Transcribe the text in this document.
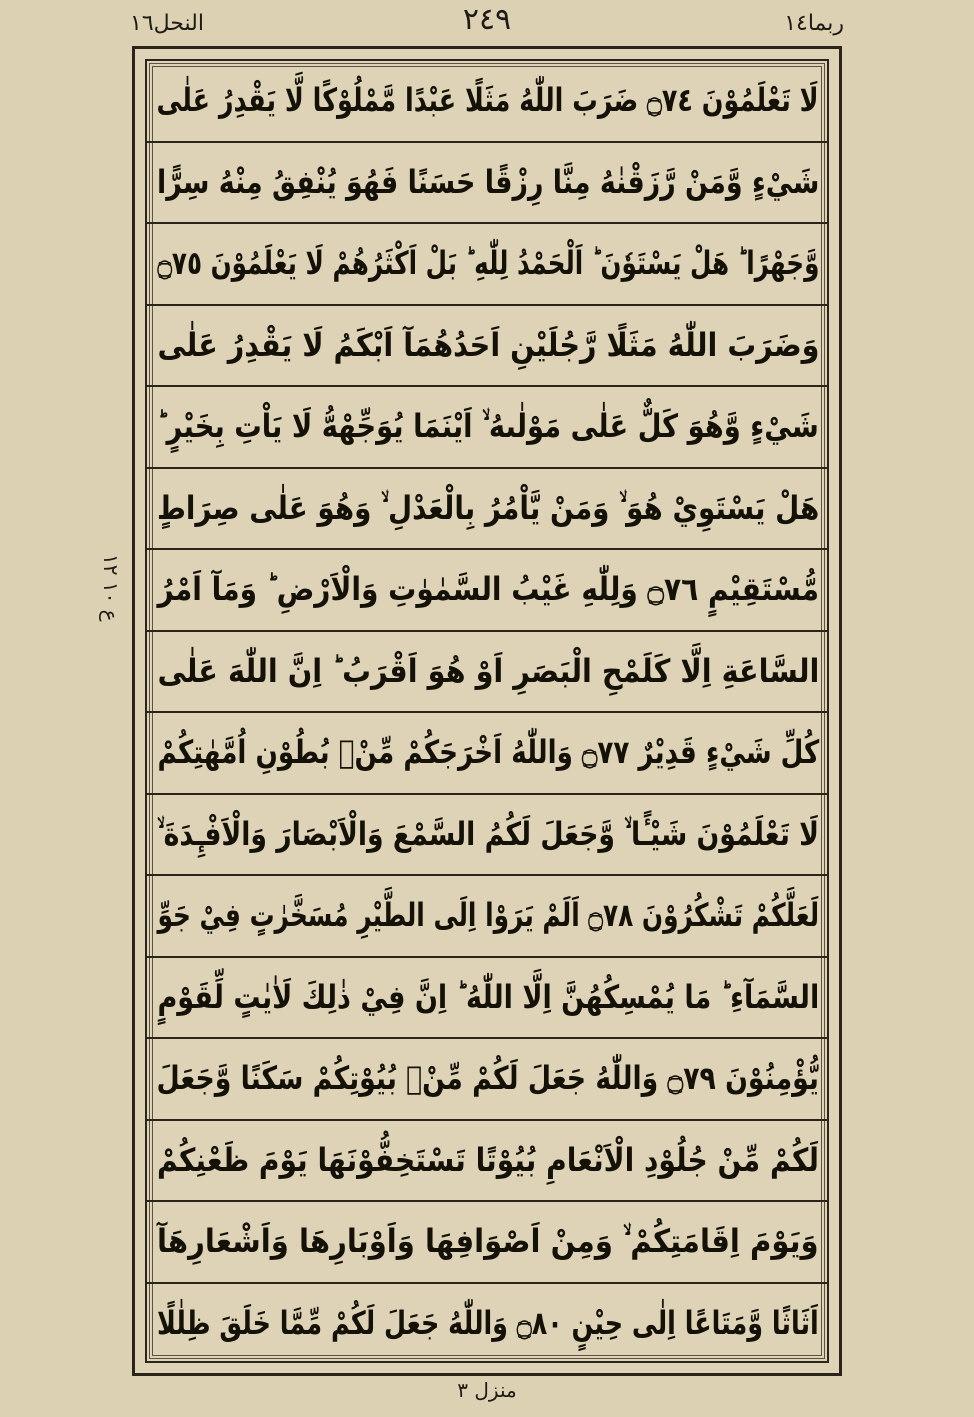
النحل١٦	٢٤٩	ربما١٤
ع ١٠ ١٢
لَا تَعْلَمُوْنَ ۝٧٤ ضَرَبَ اللّٰهُ مَثَلًا عَبْدًا مَّمْلُوْكًا لَّا يَقْدِرُ عَلٰى
شَيْءٍ وَّمَنْ رَّزَقْنٰهُ مِنَّا رِزْقًا حَسَنًا فَهُوَ يُنْفِقُ مِنْهُ سِرًّا
وَّجَهْرًا ؕ هَلْ يَسْتَوٗنَ ؕ اَلْحَمْدُ لِلّٰهِ ؕ بَلْ اَكْثَرُهُمْ لَا يَعْلَمُوْنَ ۝٧٥
وَضَرَبَ اللّٰهُ مَثَلًا رَّجُلَيْنِ اَحَدُهُمَآ اَبْكَمُ لَا يَقْدِرُ عَلٰى
شَيْءٍ وَّهُوَ كَلٌّ عَلٰى مَوْلٰىهُ ۙ اَيْنَمَا يُوَجِّهْهُّ لَا يَاْتِ بِخَيْرٍ ؕ
هَلْ يَسْتَوِيْ هُوَ ۙ وَمَنْ يَّاْمُرُ بِالْعَدْلِ ۙ وَهُوَ عَلٰى صِرَاطٍ
مُّسْتَقِيْمٍ ۝٧٦ وَلِلّٰهِ غَيْبُ السَّمٰوٰتِ وَالْاَرْضِ ؕ وَمَآ اَمْرُ
السَّاعَةِ اِلَّا كَلَمْحِ الْبَصَرِ اَوْ هُوَ اَقْرَبُ ؕ اِنَّ اللّٰهَ عَلٰى
كُلِّ شَيْءٍ قَدِيْرٌ ۝٧٧ وَاللّٰهُ اَخْرَجَكُمْ مِّنْۢ بُطُوْنِ اُمَّهٰتِكُمْ
لَا تَعْلَمُوْنَ شَيْـًٔا ۙ وَّجَعَلَ لَكُمُ السَّمْعَ وَالْاَبْصَارَ وَالْاَفْـِٕدَةَ ۙ
لَعَلَّكُمْ تَشْكُرُوْنَ ۝٧٨ اَلَمْ يَرَوْا اِلَى الطَّيْرِ مُسَخَّرٰتٍ فِيْ جَوِّ
السَّمَآءِ ؕ مَا يُمْسِكُهُنَّ اِلَّا اللّٰهُ ؕ اِنَّ فِيْ ذٰلِكَ لَاٰيٰتٍ لِّقَوْمٍ
يُّؤْمِنُوْنَ ۝٧٩ وَاللّٰهُ جَعَلَ لَكُمْ مِّنْۢ بُيُوْتِكُمْ سَكَنًا وَّجَعَلَ
لَكُمْ مِّنْ جُلُوْدِ الْاَنْعَامِ بُيُوْتًا تَسْتَخِفُّوْنَهَا يَوْمَ ظَعْنِكُمْ
وَيَوْمَ اِقَامَتِكُمْ ۙ وَمِنْ اَصْوَافِهَا وَاَوْبَارِهَا وَاَشْعَارِهَآ
اَثَاثًا وَّمَتَاعًا اِلٰى حِيْنٍ ۝٨٠ وَاللّٰهُ جَعَلَ لَكُمْ مِّمَّا خَلَقَ ظِلٰلًا
منزل ٣
